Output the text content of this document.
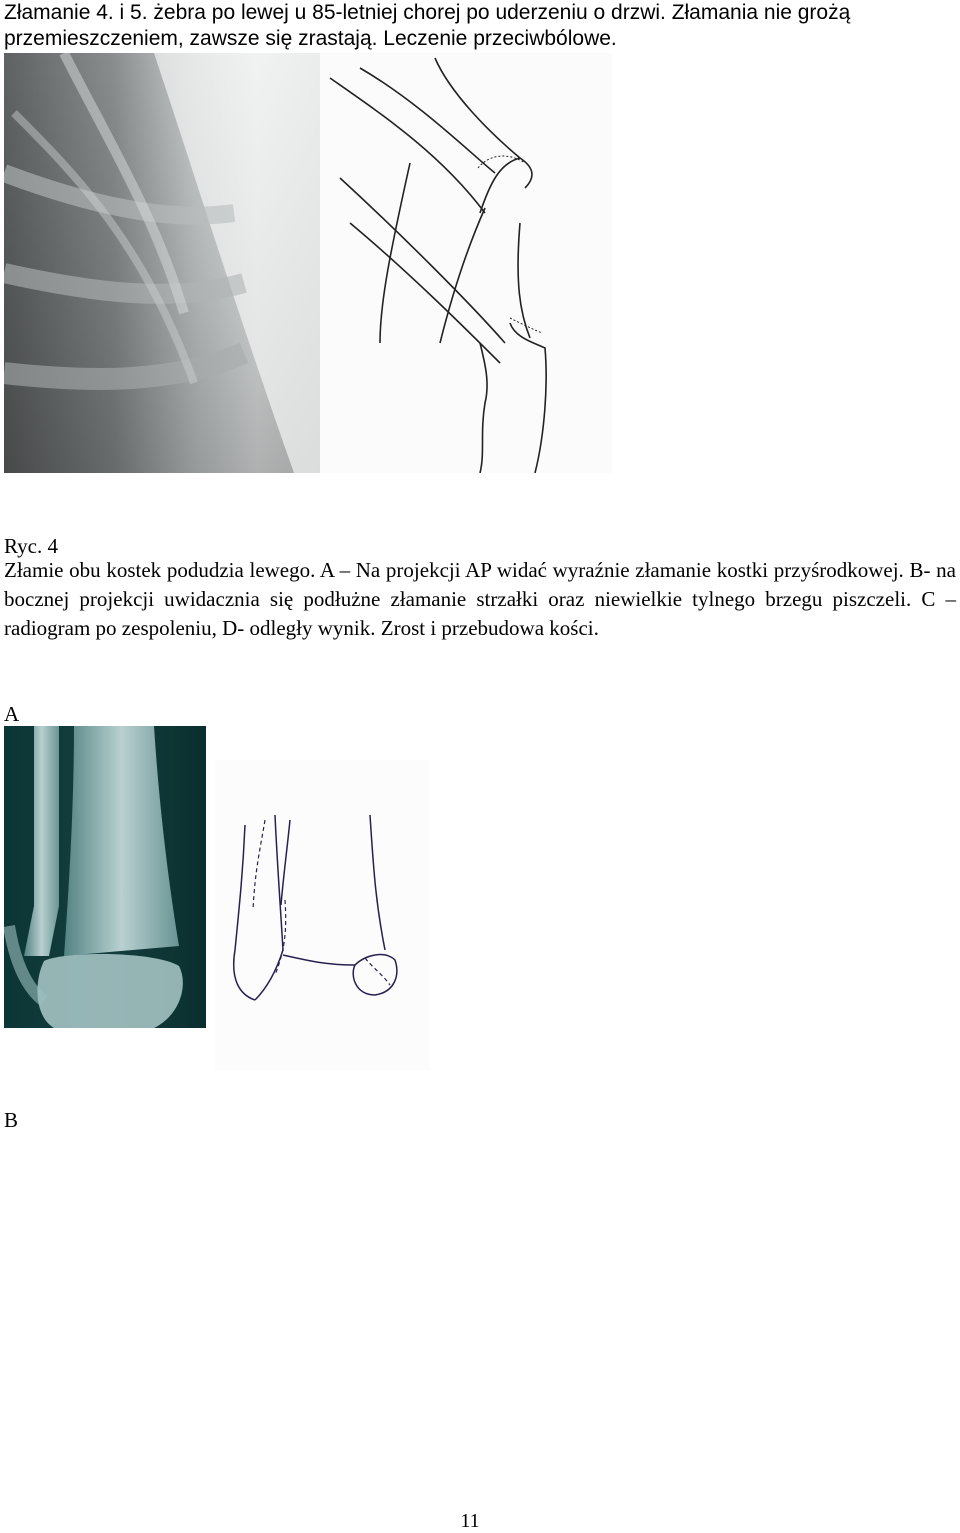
Złamanie 4. i 5. żebra po lewej u 85-letniej chorej po uderzeniu o drzwi. Złamania nie grożą
przemieszczeniem, zawsze się zrastają. Leczenie przeciwbólowe.
Ryc. 4
Złamie obu kostek podudzia lewego. A – Na projekcji AP widać wyraźnie złamanie kostki przyśrodkowej. B- na bocznej projekcji uwidacznia się podłużne złamanie strzałki oraz niewielkie tylnego brzegu piszczeli. C –radiogram po zespoleniu, D- odległy wynik. Zrost i przebudowa kości.
A
B
11
